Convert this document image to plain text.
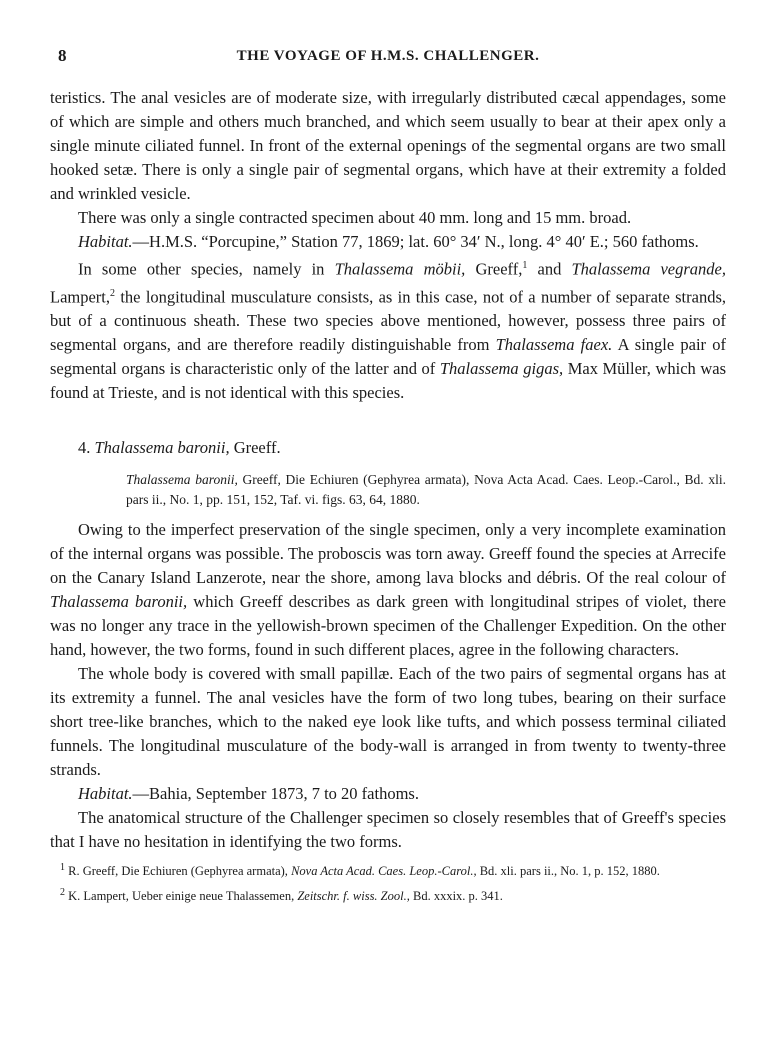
8	THE VOYAGE OF H.M.S. CHALLENGER.

teristics. The anal vesicles are of moderate size, with irregularly distributed cæcal appendages, some of which are simple and others much branched, and which seem usually to bear at their apex only a single minute ciliated funnel. In front of the external openings of the segmental organs are two small hooked setæ. There is only a single pair of segmental organs, which have at their extremity a folded and wrinkled vesicle.

There was only a single contracted specimen about 40 mm. long and 15 mm. broad.

Habitat.—H.M.S. “Porcupine,” Station 77, 1869; lat. 60° 34′ N., long. 4° 40′ E.; 560 fathoms.

In some other species, namely in Thalassema möbii, Greeff,$^1$ and Thalassema vegrande, Lampert,$^2$ the longitudinal musculature consists, as in this case, not of a number of separate strands, but of a continuous sheath. These two species above mentioned, however, possess three pairs of segmental organs, and are therefore readily distinguishable from Thalassema faex. A single pair of segmental organs is characteristic only of the latter and of Thalassema gigas, Max Müller, which was found at Trieste, and is not identical with this species.

4. Thalassema baronii, Greeff.
Thalassema baronii, Greeff, Die Echiuren (Gephyrea armata), Nova Acta Acad. Caes. Leop.-Carol., Bd. xli. pars ii., No. 1, pp. 151, 152, Taf. vi. figs. 63, 64, 1880.

Owing to the imperfect preservation of the single specimen, only a very incomplete examination of the internal organs was possible. The proboscis was torn away. Greeff found the species at Arrecife on the Canary Island Lanzerote, near the shore, among lava blocks and débris. Of the real colour of Thalassema baronii, which Greeff describes as dark green with longitudinal stripes of violet, there was no longer any trace in the yellowish-brown specimen of the Challenger Expedition. On the other hand, however, the two forms, found in such different places, agree in the following characters.

The whole body is covered with small papillæ. Each of the two pairs of segmental organs has at its extremity a funnel. The anal vesicles have the form of two long tubes, bearing on their surface short tree-like branches, which to the naked eye look like tufts, and which possess terminal ciliated funnels. The longitudinal musculature of the body-wall is arranged in from twenty to twenty-three strands.

Habitat.—Bahia, September 1873, 7 to 20 fathoms.

The anatomical structure of the Challenger specimen so closely resembles that of Greeff's species that I have no hesitation in identifying the two forms.

$^1$ R. Greeff, Die Echiuren (Gephyrea armata), Nova Acta Acad. Caes. Leop.-Carol., Bd. xli. pars ii., No. 1, p. 152, 1880.

$^2$ K. Lampert, Ueber einige neue Thalassemen, Zeitschr. f. wiss. Zool., Bd. xxxix. p. 341.
